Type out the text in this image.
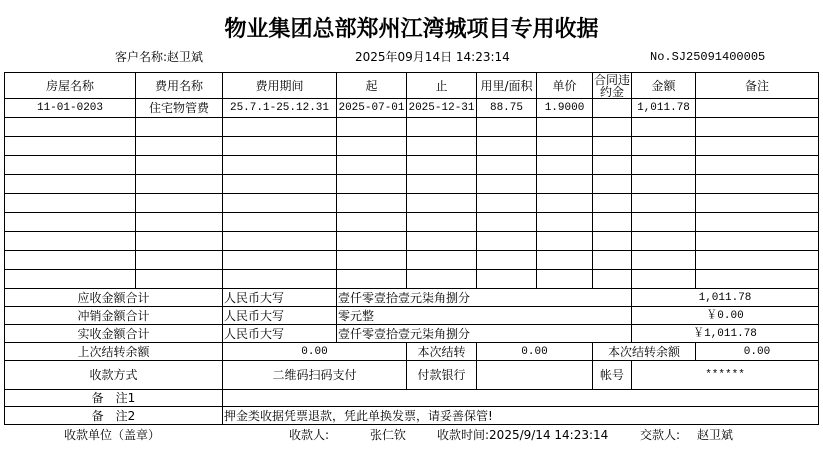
物业集团总部郑州江湾城项目专用收据
客户名称:赵卫斌	2025年09月14日 14:23:14	No.SJ25091400005
房屋名称	费用名称	费用期间	起	止	用里/面积	单价	合同违约金	金额	备注
11-01-0203	住宅物管费	25.7.1-25.12.31	2025-07-01	2025-12-31	88.75	1.9000		1,011.78	

应收金额合计		人民币大写	壹仟零壹拾壹元柒角捌分					1,011.78	
冲销金额合计		人民币大写	零元整					￥0.00	
实收金额合计		人民币大写	壹仟零壹拾壹元柒角捌分					￥1,011.78	
上次结转余额		0.00		本次结转	0.00		本次结转余额		0.00
收款方式		二维码扫码支付		付款银行			帐号	******	
备　注1									
备　注2		押金类收据凭票退款，凭此单换发票，请妥善保管!							
收款单位（盖章）	收款人:	张仁钦	收款时间:2025/9/14 14:23:14	交款人: 赵卫斌
